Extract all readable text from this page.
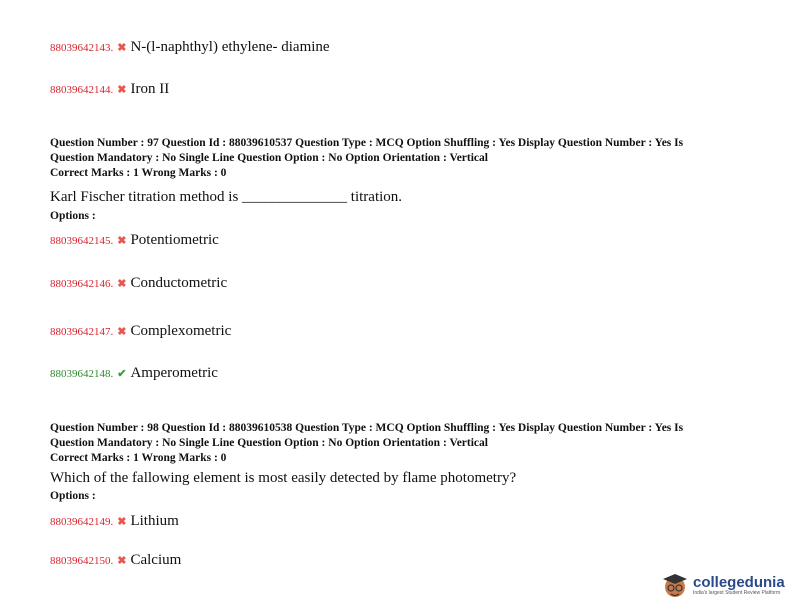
88039642143. ✖ N-(l-naphthyl) ethylene- diamine
88039642144. ✖ Iron II
Question Number : 97 Question Id : 88039610537 Question Type : MCQ Option Shuffling : Yes Display Question Number : Yes Is
Question Mandatory : No Single Line Question Option : No Option Orientation : Vertical
Correct Marks : 1 Wrong Marks : 0
Karl Fischer titration method is ______________ titration.
Options :
88039642145. ✖ Potentiometric
88039642146. ✖ Conductometric
88039642147. ✖ Complexometric
88039642148. ✔ Amperometric
Question Number : 98 Question Id : 88039610538 Question Type : MCQ Option Shuffling : Yes Display Question Number : Yes Is
Question Mandatory : No Single Line Question Option : No Option Orientation : Vertical
Correct Marks : 1 Wrong Marks : 0
Which of the fallowing element is most easily detected by flame photometry?
Options :
88039642149. ✖ Lithium
88039642150. ✖ Calcium
collegedunia
India's largest Student Review Platform
